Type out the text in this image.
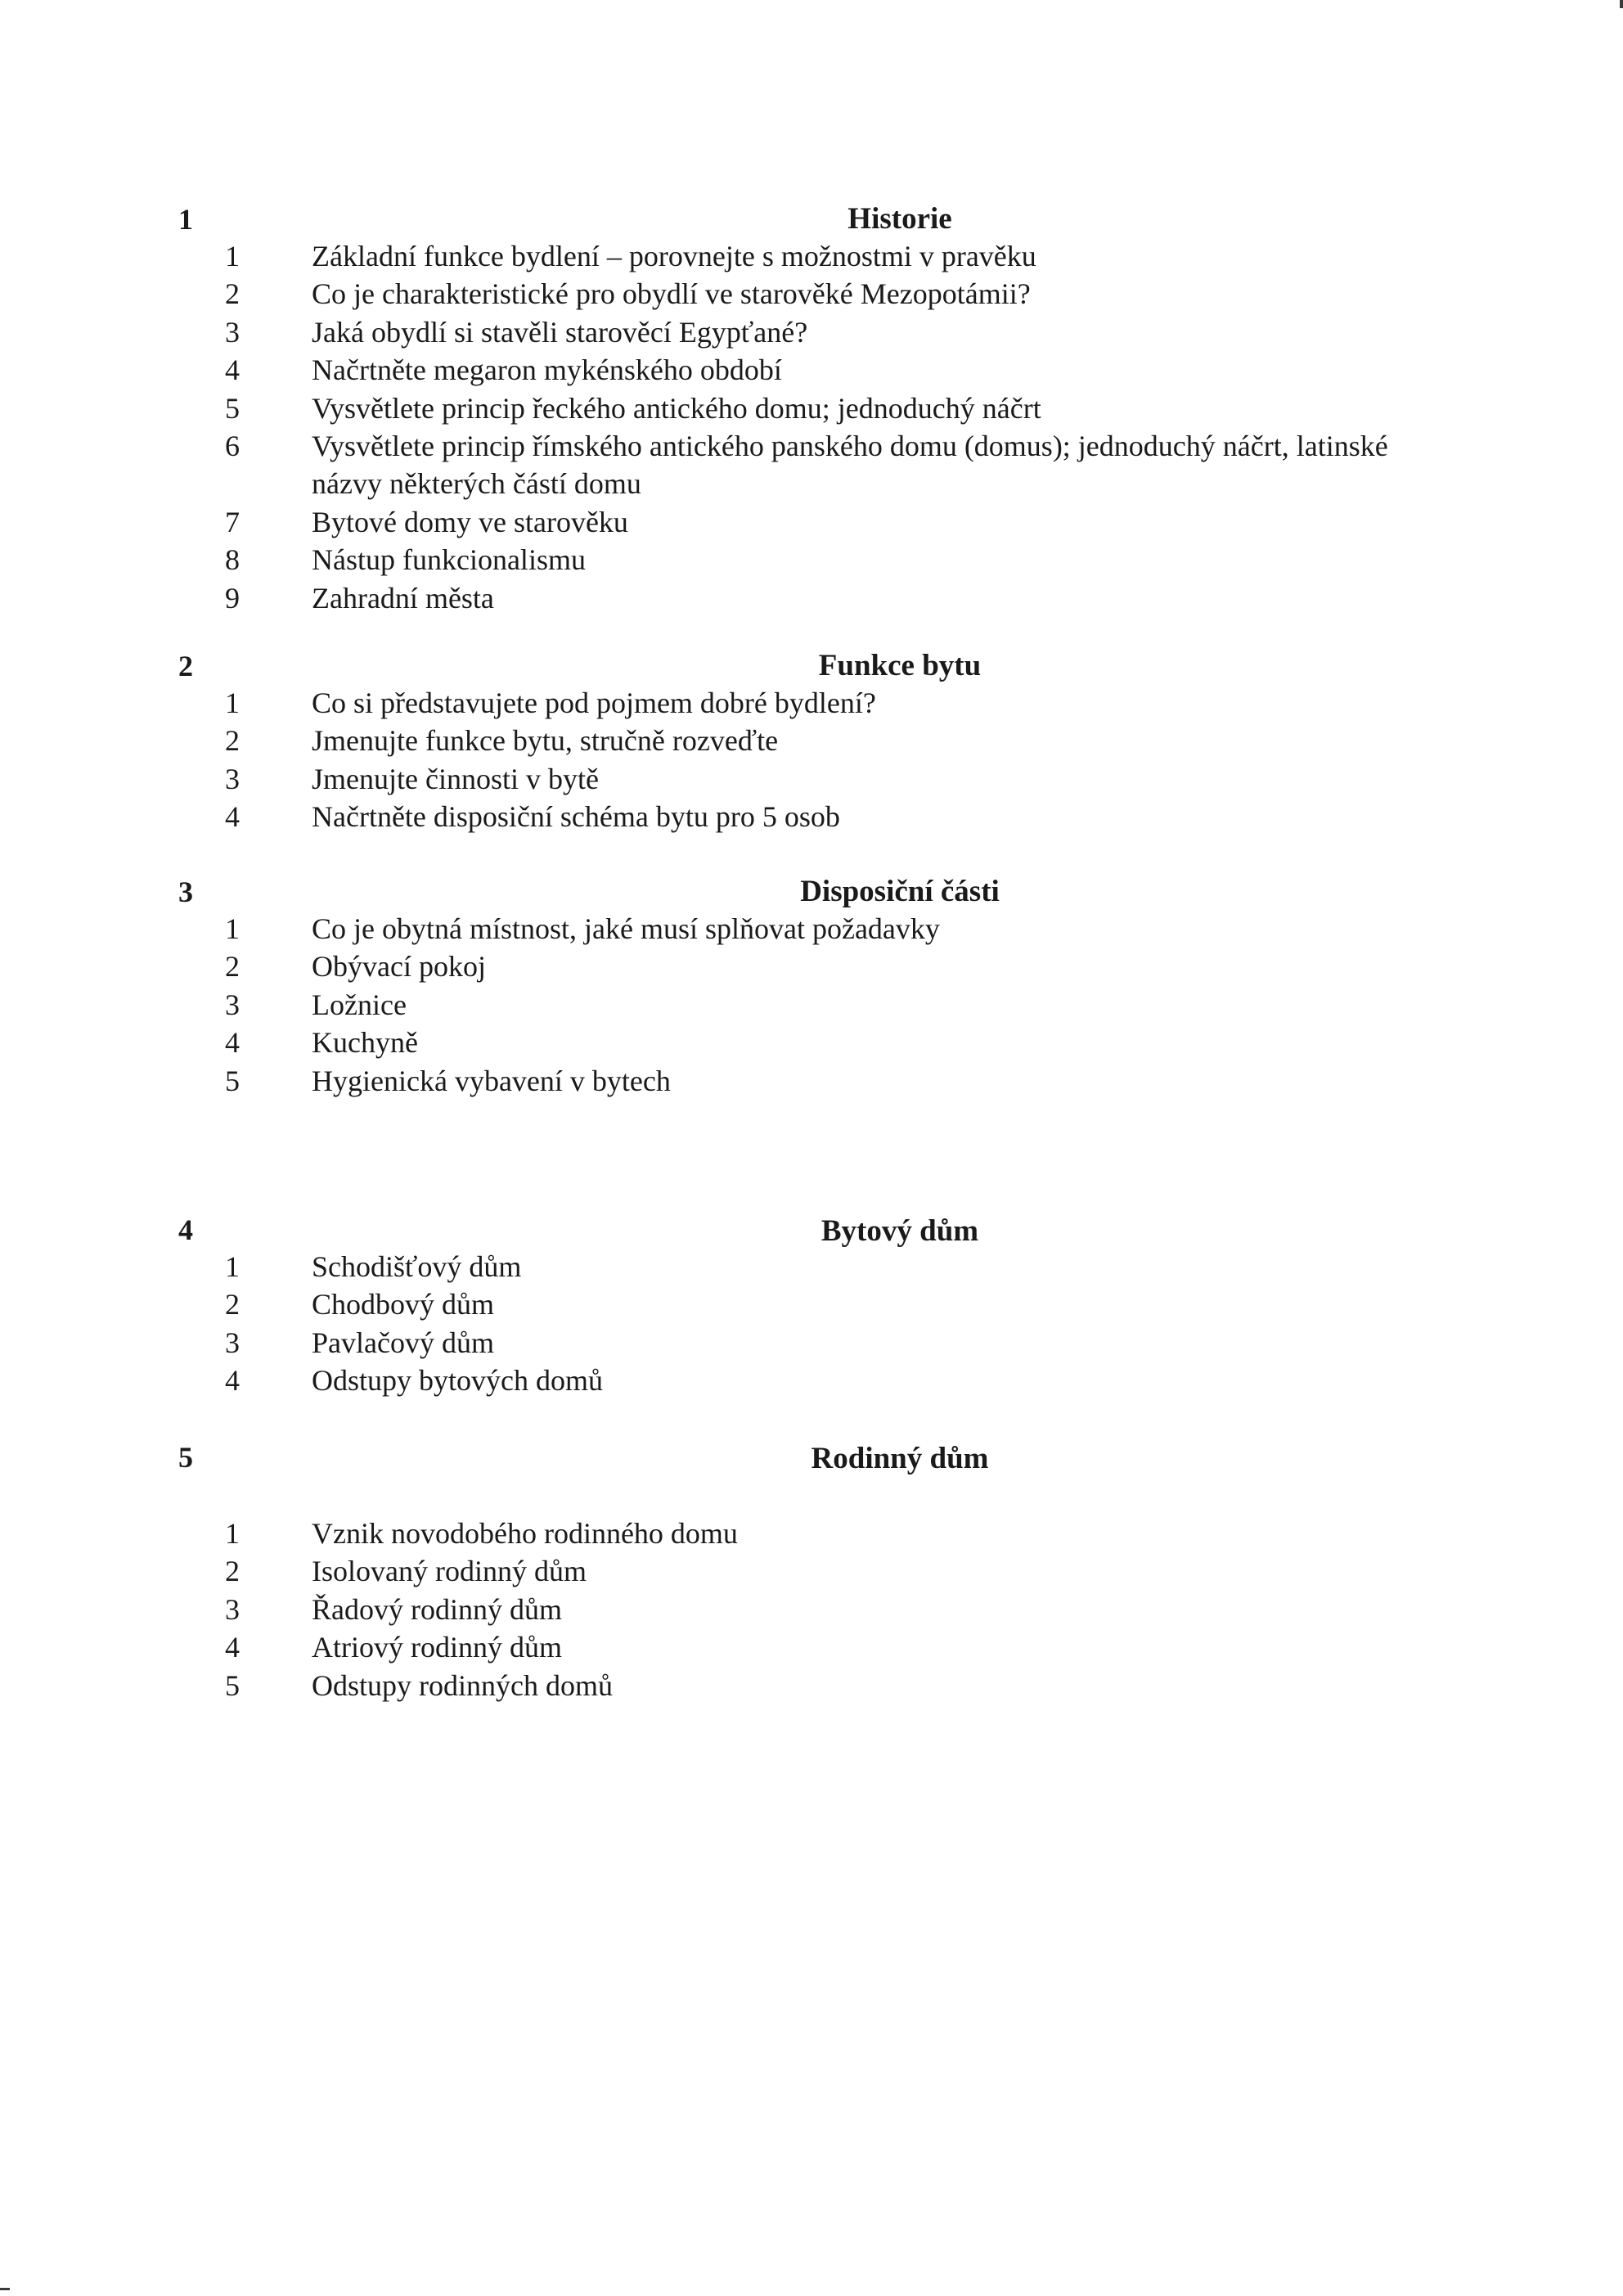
1	Historie
1	Základní funkce bydlení – porovnejte s možnostmi v pravěku
2	Co je charakteristické pro obydlí ve starověké Mezopotámii?
3	Jaká obydlí si stavěli starověcí Egypťané?
4	Načrtněte megaron mykénského období
5	Vysvětlete princip řeckého antického domu; jednoduchý náčrt
6	Vysvětlete princip římského antického panského domu (domus); jednoduchý náčrt, latinské názvy některých částí domu
7	Bytové domy ve starověku
8	Nástup funkcionalismu
9	Zahradní města
2	Funkce bytu
1	Co si představujete pod pojmem dobré bydlení?
2	Jmenujte funkce bytu, stručně rozveďte
3	Jmenujte činnosti v bytě
4	Načrtněte disposiční schéma bytu pro 5 osob
3	Disposiční části
1	Co je obytná místnost, jaké musí splňovat požadavky
2	Obývací pokoj
3	Ložnice
4	Kuchyně
5	Hygienická vybavení v bytech
4	Bytový dům
1	Schodišťový dům
2	Chodbový dům
3	Pavlačový dům
4	Odstupy bytových domů
5	Rodinný dům
1	Vznik novodobého rodinného domu
2	Isolovaný rodinný dům
3	Řadový rodinný dům
4	Atriový rodinný dům
5	Odstupy rodinných domů
